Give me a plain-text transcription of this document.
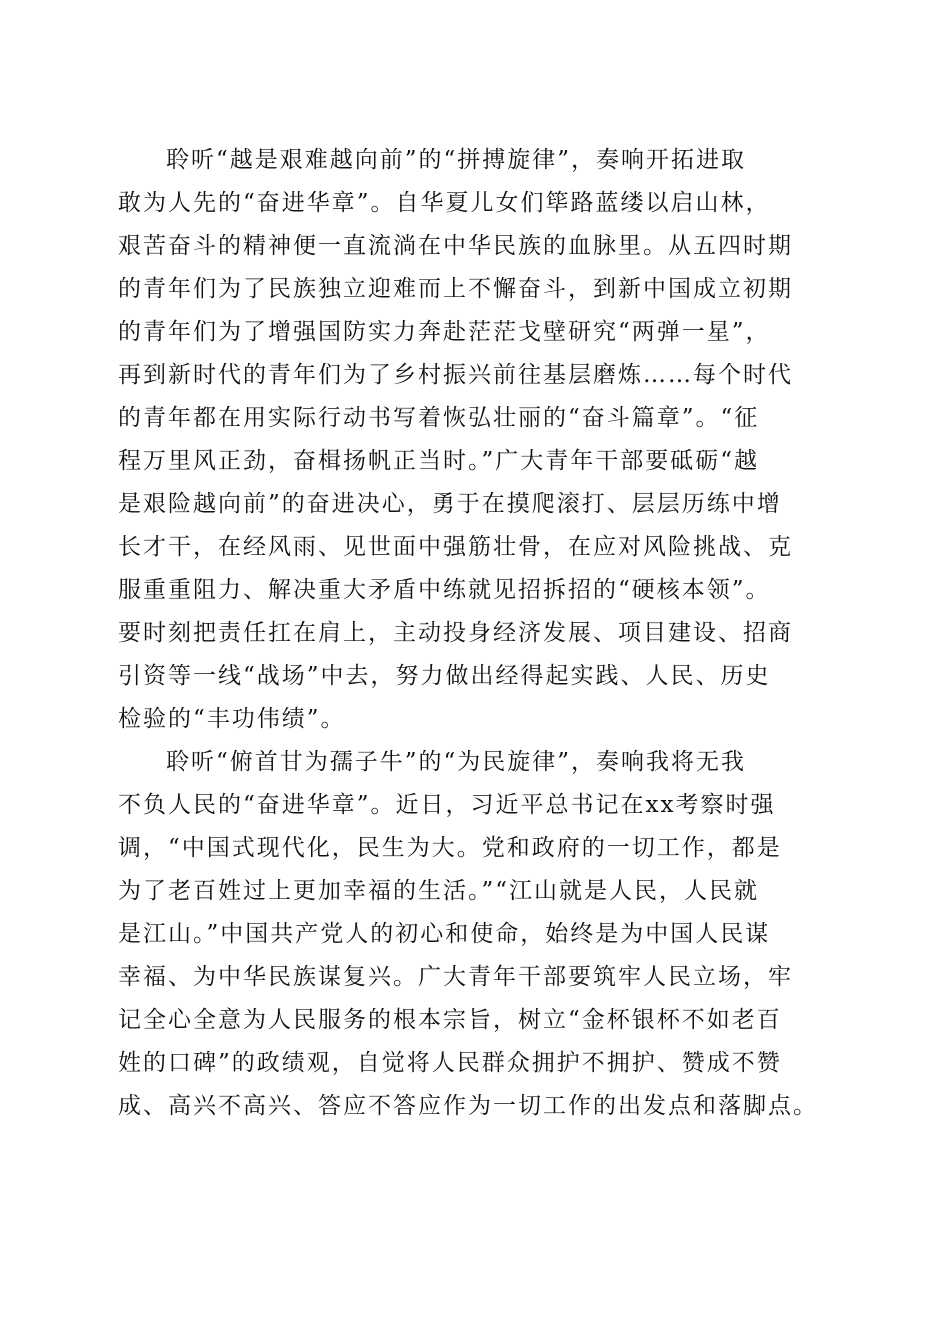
聆听“越是艰难越向前”的“拼搏旋律”，奏响开拓进取
敢为人先的“奋进华章”。自华夏儿女们筚路蓝缕以启山林，
艰苦奋斗的精神便一直流淌在中华民族的血脉里。从五四时期
的青年们为了民族独立迎难而上不懈奋斗，到新中国成立初期
的青年们为了增强国防实力奔赴茫茫戈壁研究“两弹一星”，
再到新时代的青年们为了乡村振兴前往基层磨炼……每个时代
的青年都在用实际行动书写着恢弘壮丽的“奋斗篇章”。“征
程万里风正劲，奋楫扬帆正当时。”广大青年干部要砥砺“越
是艰险越向前”的奋进决心，勇于在摸爬滚打、层层历练中增
长才干，在经风雨、见世面中强筋壮骨，在应对风险挑战、克
服重重阻力、解决重大矛盾中练就见招拆招的“硬核本领”。
要时刻把责任扛在肩上，主动投身经济发展、项目建设、招商
引资等一线“战场”中去，努力做出经得起实践、人民、历史
检验的“丰功伟绩”。
聆听“俯首甘为孺子牛”的“为民旋律”，奏响我将无我
不负人民的“奋进华章”。近日，习近平总书记在xx考察时强
调，“中国式现代化，民生为大。党和政府的一切工作，都是
为了老百姓过上更加幸福的生活。”“江山就是人民，人民就
是江山。”中国共产党人的初心和使命，始终是为中国人民谋
幸福、为中华民族谋复兴。广大青年干部要筑牢人民立场，牢
记全心全意为人民服务的根本宗旨，树立“金杯银杯不如老百
姓的口碑”的政绩观，自觉将人民群众拥护不拥护、赞成不赞
成、高兴不高兴、答应不答应作为一切工作的出发点和落脚点。
